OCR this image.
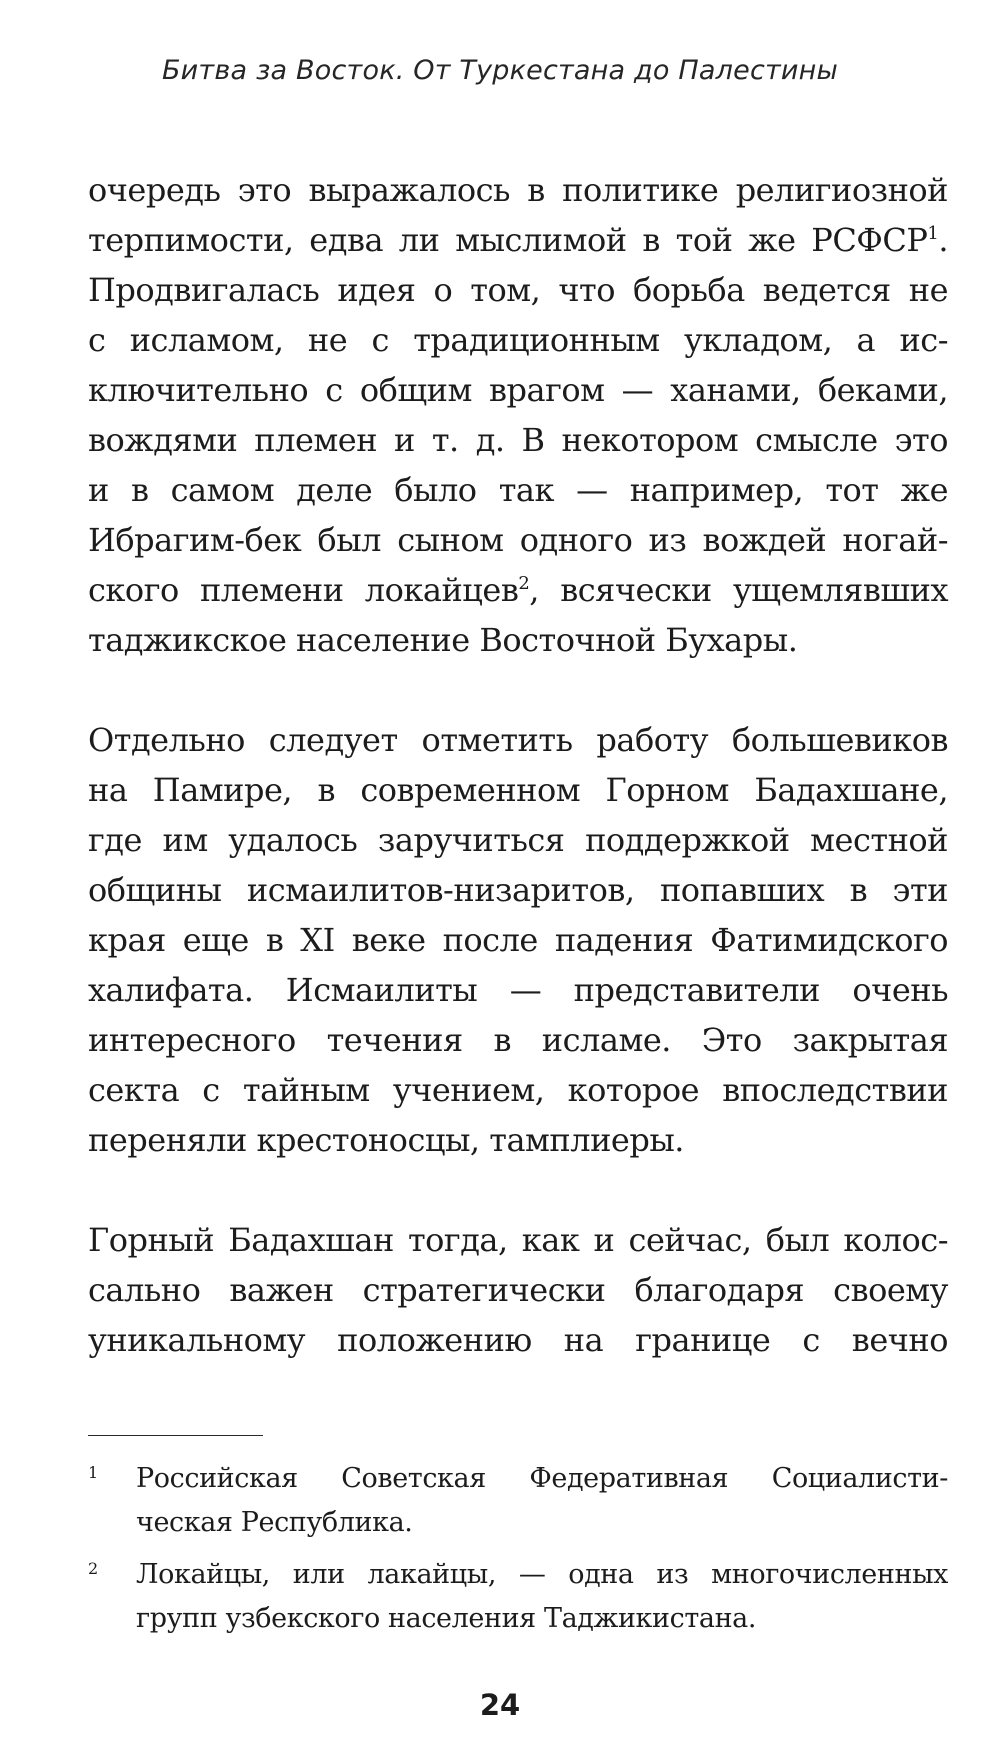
Битва за Восток. От Туркестана до Палестины
очередь это выражалось в политике религиозной
терпимости, едва ли мыслимой в той же РСФСР$^1$.
Продвигалась идея о том, что борьба ведется не
с исламом, не с традиционным укладом, а ис-
ключительно с общим врагом — ханами, беками,
вождями племен и т. д. В некотором смысле это
и в самом деле было так — например, тот же
Ибрагим-бек был сыном одного из вождей ногай-
ского племени локайцев$^2$, всячески ущемлявших
таджикское население Восточной Бухары.
Отдельно следует отметить работу большевиков
на Памире, в современном Горном Бадахшане,
где им удалось заручиться поддержкой местной
общины исмаилитов-низаритов, попавших в эти
края еще в XI веке после падения Фатимидского
халифата. Исмаилиты — представители очень
интересного течения в исламе. Это закрытая
секта с тайным учением, которое впоследствии
переняли крестоносцы, тамплиеры.
Горный Бадахшан тогда, как и сейчас, был колос-
сально важен стратегически благодаря своему
уникальному положению на границе с вечно
1 Российская Советская Федеративная Социалисти-
ческая Республика.
2 Локайцы, или лакайцы, — одна из многочисленных
групп узбекского населения Таджикистана.
24
